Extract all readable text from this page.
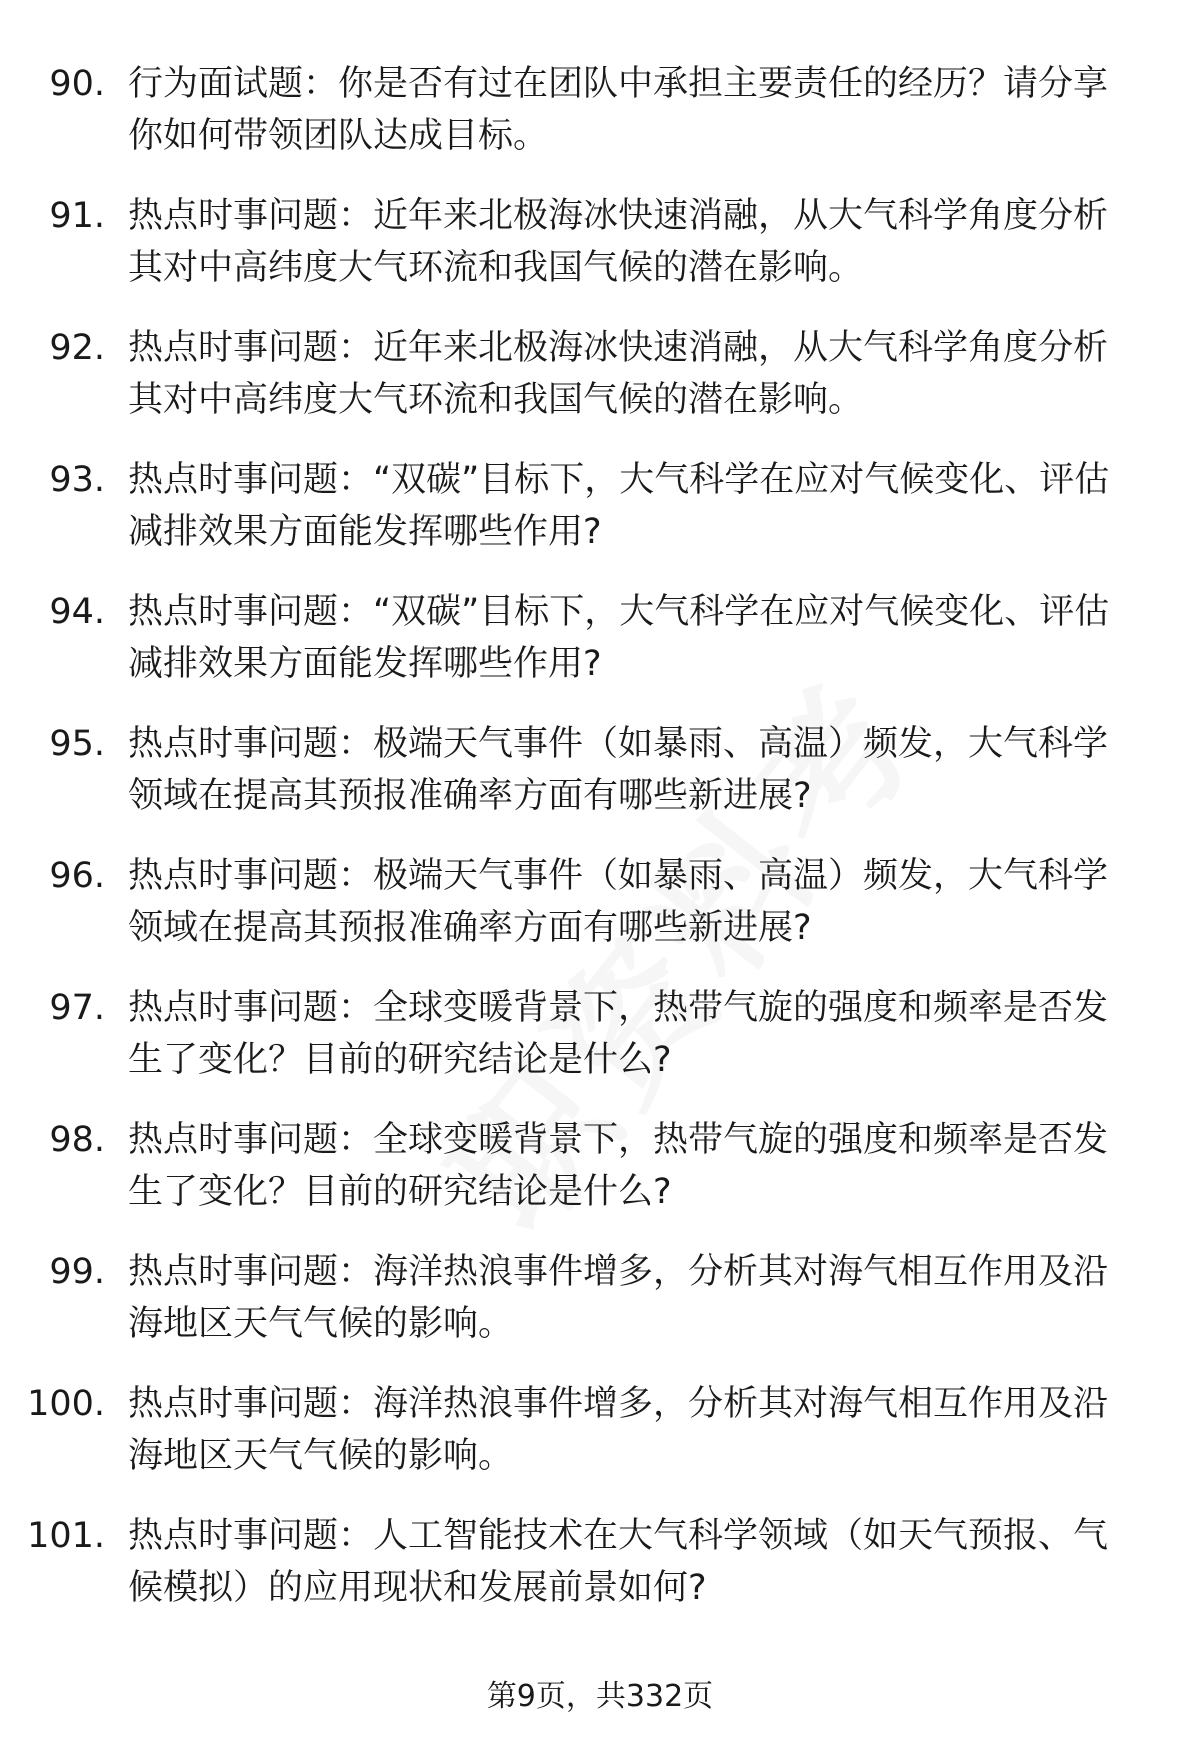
90. 行为面试题：你是否有过在团队中承担主要责任的经历？请分享你如何带领团队达成目标。
91. 热点时事问题：近年来北极海冰快速消融，从大气科学角度分析其对中高纬度大气环流和我国气候的潜在影响。
92. 热点时事问题：近年来北极海冰快速消融，从大气科学角度分析其对中高纬度大气环流和我国气候的潜在影响。
93. 热点时事问题：“双碳”目标下，大气科学在应对气候变化、评估减排效果方面能发挥哪些作用?
94. 热点时事问题：“双碳”目标下，大气科学在应对气候变化、评估减排效果方面能发挥哪些作用?
95. 热点时事问题：极端天气事件（如暴雨、高温）频发，大气科学领域在提高其预报准确率方面有哪些新进展?
96. 热点时事问题：极端天气事件（如暴雨、高温）频发，大气科学领域在提高其预报准确率方面有哪些新进展?
97. 热点时事问题：全球变暖背景下，热带气旋的强度和频率是否发生了变化？目前的研究结论是什么?
98. 热点时事问题：全球变暖背景下，热带气旋的强度和频率是否发生了变化？目前的研究结论是什么?
99. 热点时事问题：海洋热浪事件增多，分析其对海气相互作用及沿海地区天气气候的影响。
100. 热点时事问题：海洋热浪事件增多，分析其对海气相互作用及沿海地区天气气候的影响。
101. 热点时事问题：人工智能技术在大气科学领域（如天气预报、气候模拟）的应用现状和发展前景如何?
第9页，共332页
